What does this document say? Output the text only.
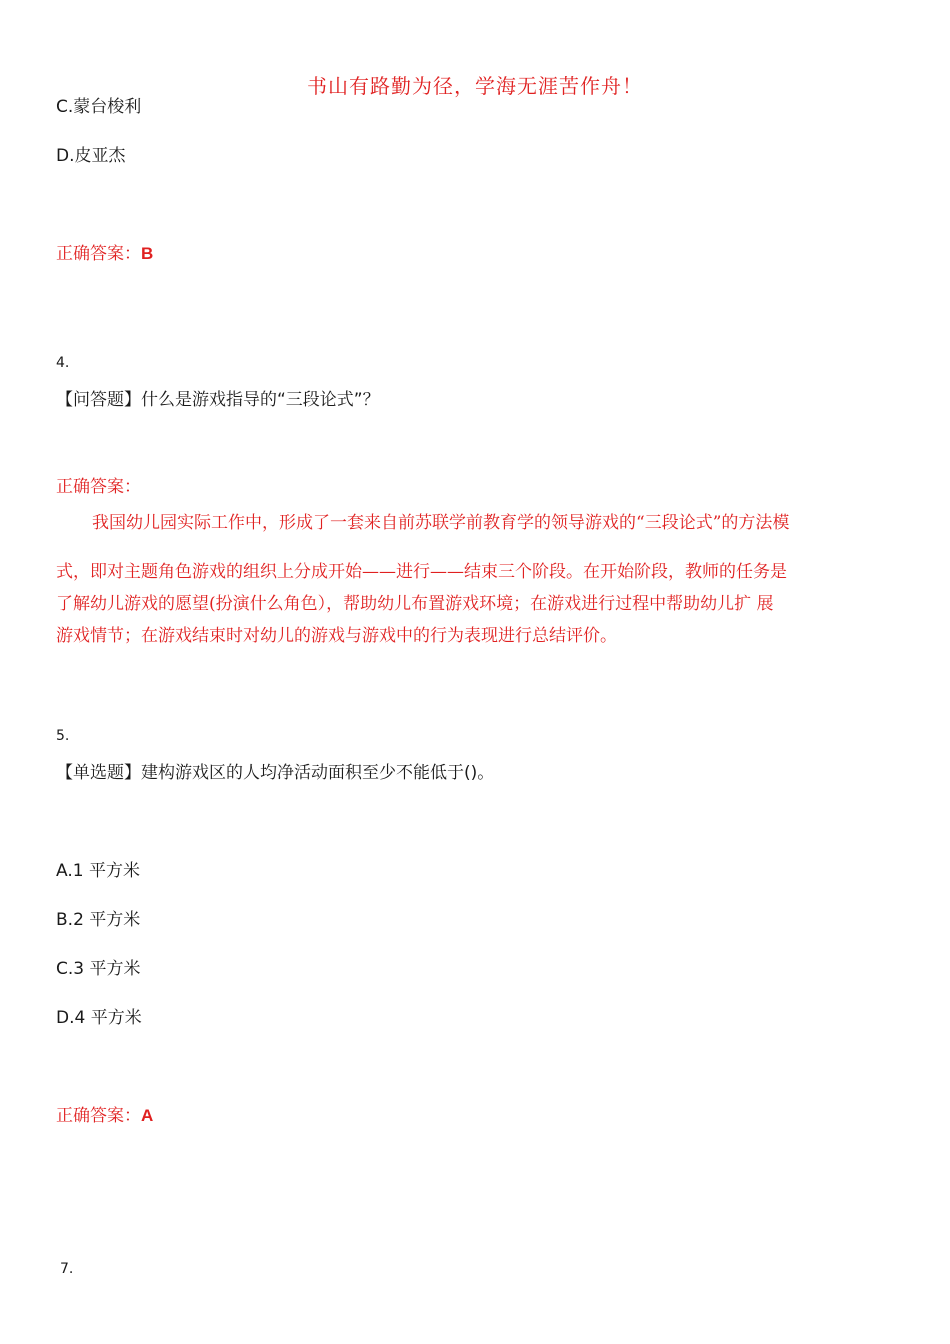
书山有路勤为径，学海无涯苦作舟！
C.蒙台梭利
D.皮亚杰
正确答案：B
4.
【问答题】什么是游戏指导的“三段论式”？
正确答案：
我国幼儿园实际工作中，形成了一套来自前苏联学前教育学的领导游戏的“三段论式”的方法模
式，即对主题角色游戏的组织上分成开始——进行——结束三个阶段。在开始阶段，教师的任务是
了解幼儿游戏的愿望(扮演什么角色），帮助幼儿布置游戏环境；在游戏进行过程中帮助幼儿扩 展
游戏情节；在游戏结束时对幼儿的游戏与游戏中的行为表现进行总结评价。
5.
【单选题】建构游戏区的人均净活动面积至少不能低于()。
A.1 平方米
B.2 平方米
C.3 平方米
D.4 平方米
正确答案：A
7.
